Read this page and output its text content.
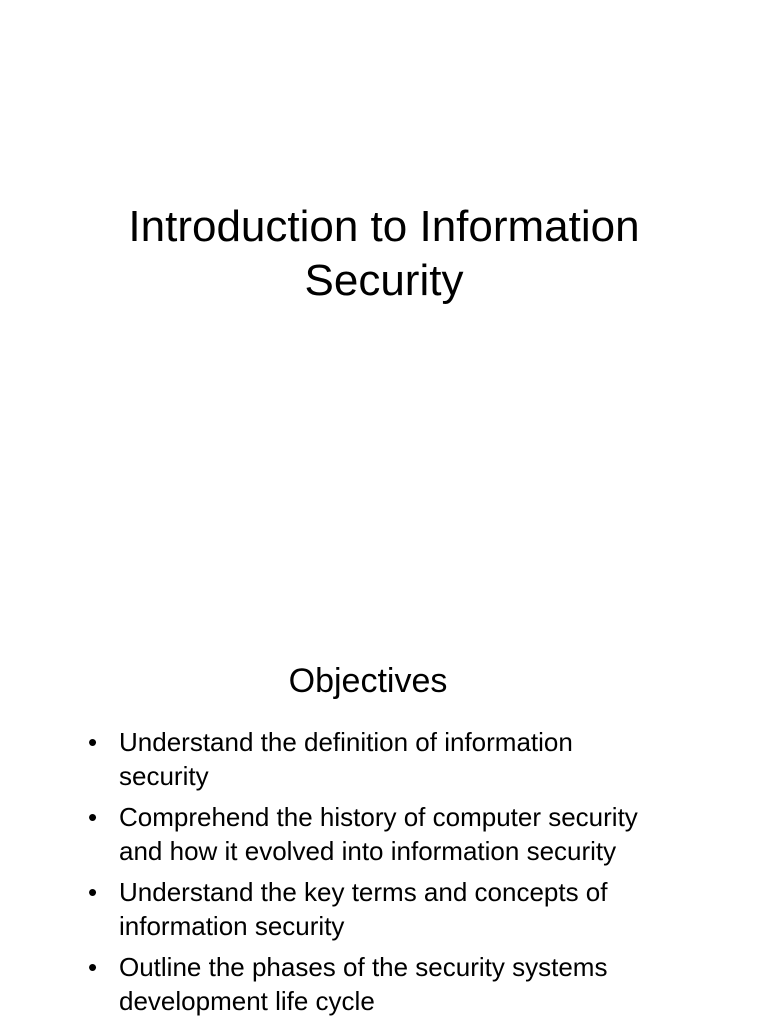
Introduction to Information
Security
Objectives
• Understand the definition of information
security
• Comprehend the history of computer security
and how it evolved into information security
• Understand the key terms and concepts of
information security
• Outline the phases of the security systems
development life cycle
